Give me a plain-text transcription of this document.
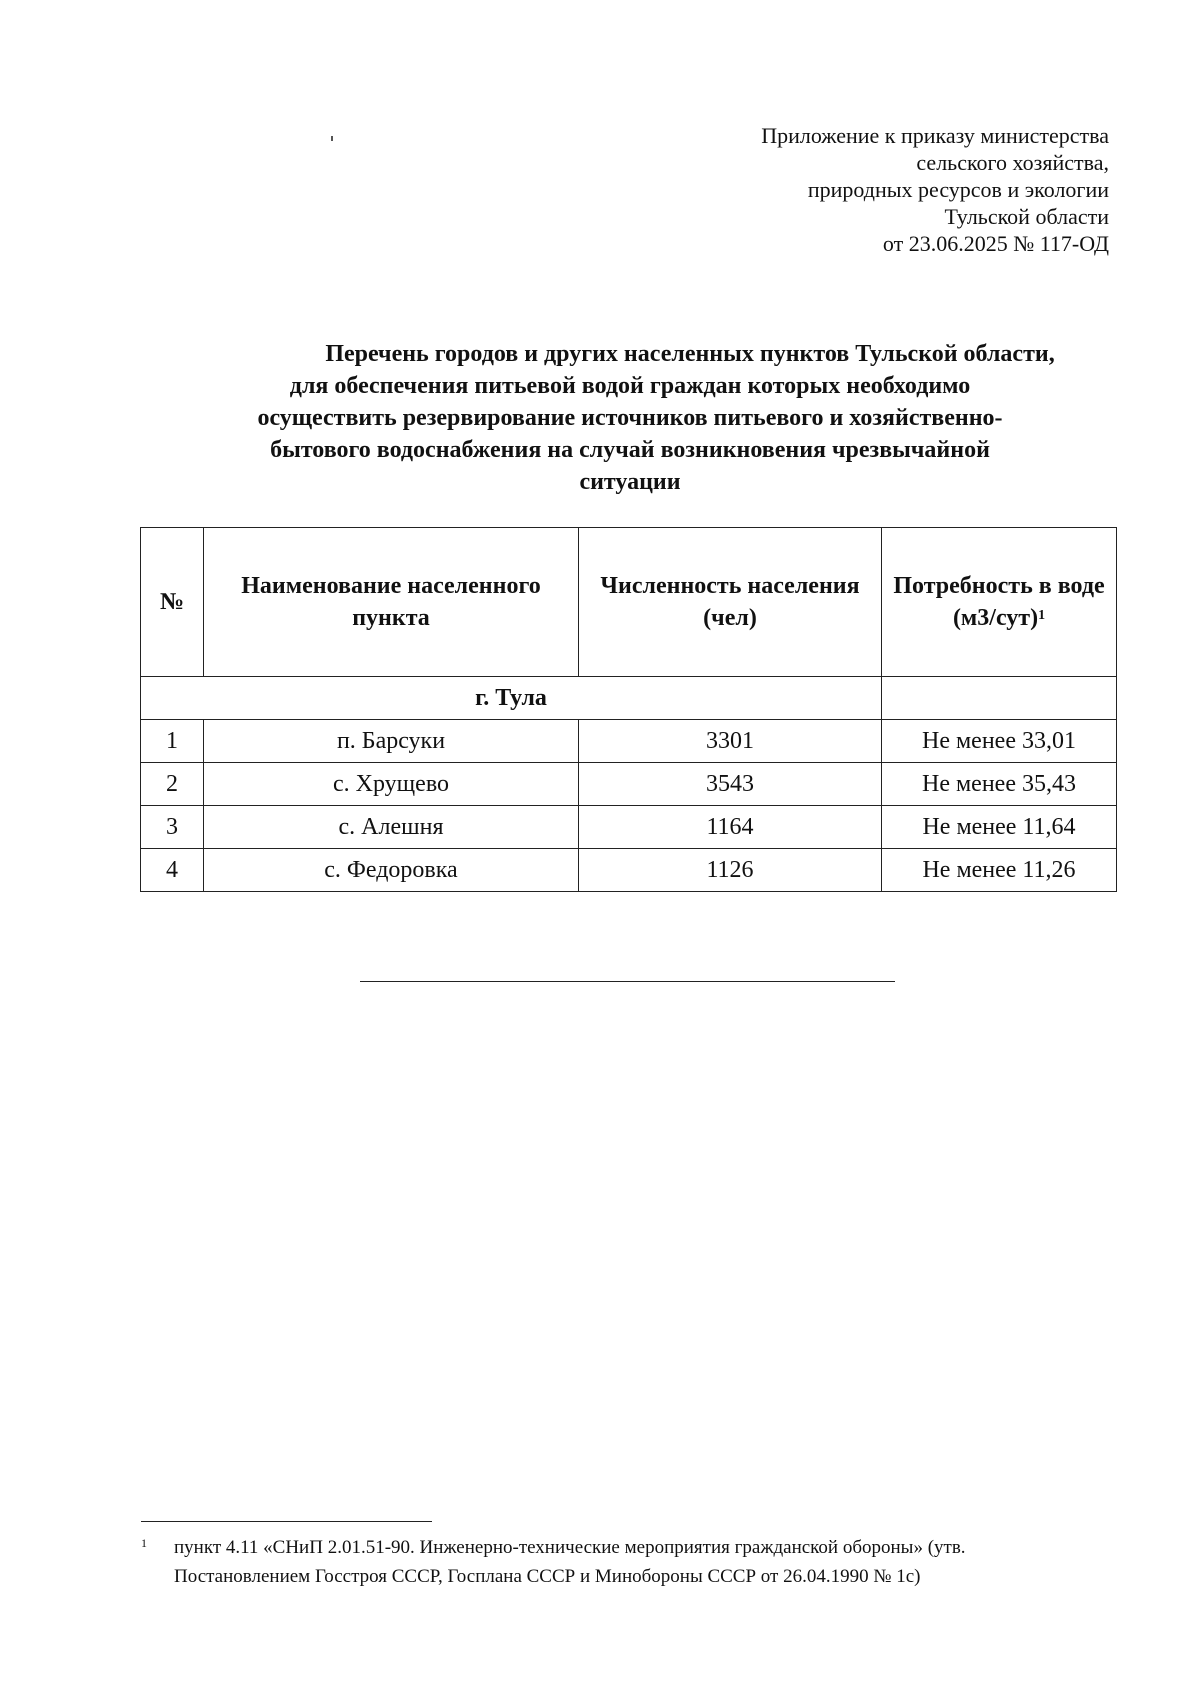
Приложение к приказу министерства
сельского хозяйства,
природных ресурсов и экологии
Тульской области
от 23.06.2025 № 117-ОД
Перечень городов и других населенных пунктов Тульской области,
для обеспечения питьевой водой граждан которых необходимо
осуществить резервирование источников питьевого и хозяйственно-
бытового водоснабжения на случай возникновения чрезвычайной
ситуации
№	Наименование населенного пункта	Численность населения (чел)	Потребность в воде (м3/сут)$^1$
г. Тула			
1	п. Барсуки	3301	Не менее 33,01
2	с. Хрущево	3543	Не менее 35,43
3	с. Алешня	1164	Не менее 11,64
4	с. Федоровка	1126	Не менее 11,26
1 пункт 4.11 «СНиП 2.01.51-90. Инженерно-технические мероприятия гражданской обороны» (утв.
Постановлением Госстроя СССР, Госплана СССР и Минобороны СССР от 26.04.1990 № 1с)
